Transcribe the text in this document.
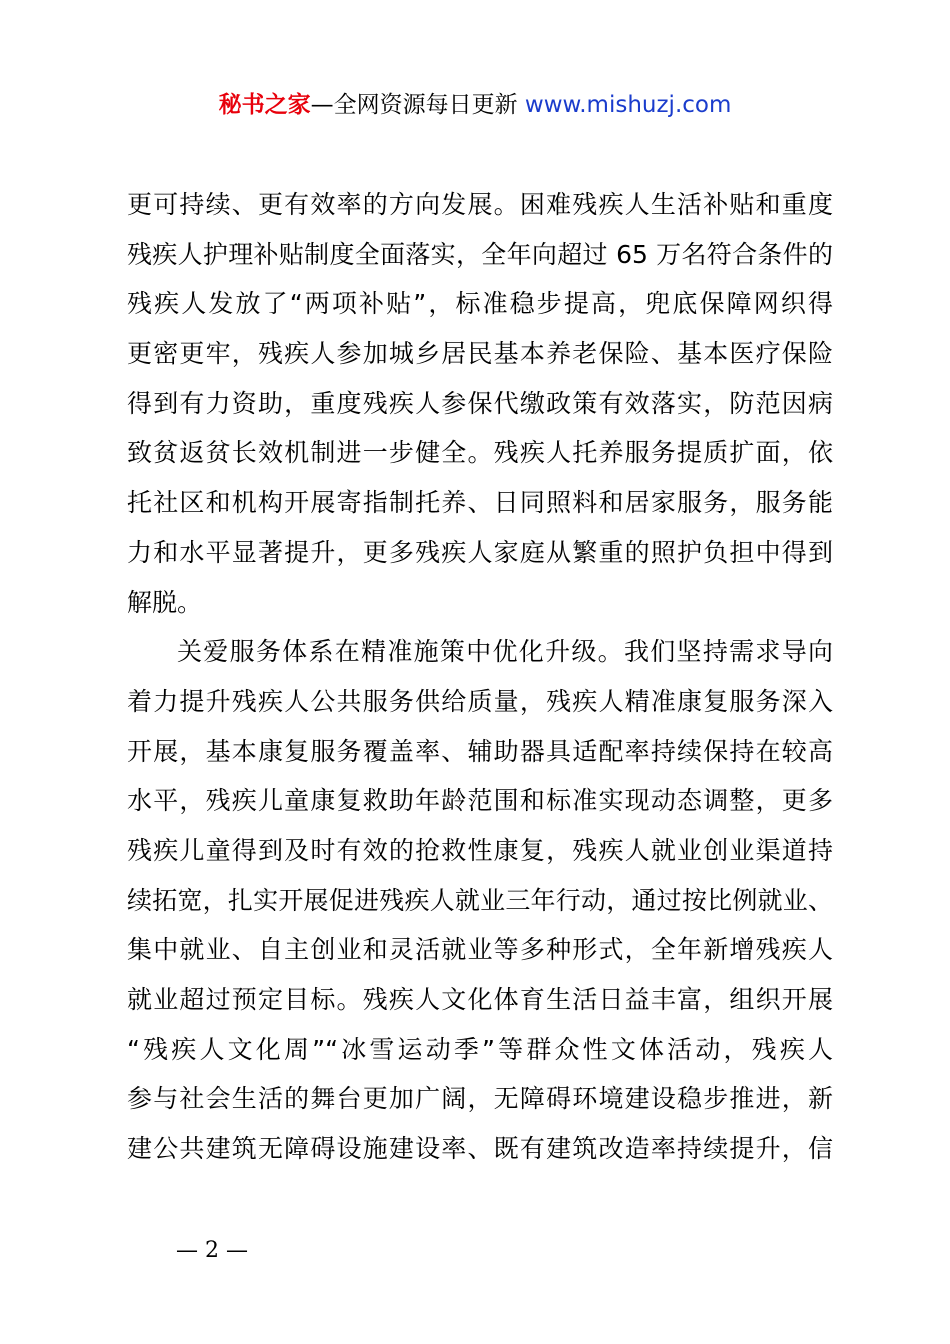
秘书之家—全网资源每日更新 www.mishuzj.com
更可持续、更有效率的方向发展。困难残疾人生活补贴和重度
残疾人护理补贴制度全面落实，全年向超过 65 万名符合条件的
残疾人发放了“两项补贴”，标准稳步提高，兜底保障网织得
更密更牢，残疾人参加城乡居民基本养老保险、基本医疗保险
得到有力资助，重度残疾人参保代缴政策有效落实，防范因病
致贫返贫长效机制进一步健全。残疾人托养服务提质扩面，依
托社区和机构开展寄指制托养、日同照料和居家服务，服务能
力和水平显著提升，更多残疾人家庭从繁重的照护负担中得到
解脱。
关爱服务体系在精准施策中优化升级。我们坚持需求导向
着力提升残疾人公共服务供给质量，残疾人精准康复服务深入
开展，基本康复服务覆盖率、辅助器具适配率持续保持在较高
水平，残疾儿童康复救助年龄范围和标准实现动态调整，更多
残疾儿童得到及时有效的抢救性康复，残疾人就业创业渠道持
续拓宽，扎实开展促进残疾人就业三年行动，通过按比例就业、
集中就业、自主创业和灵活就业等多种形式，全年新增残疾人
就业超过预定目标。残疾人文化体育生活日益丰富，组织开展
“残疾人文化周”“冰雪运动季”等群众性文体活动，残疾人
参与社会生活的舞台更加广阔，无障碍环境建设稳步推进，新
建公共建筑无障碍设施建设率、既有建筑改造率持续提升，信
— 2 —
